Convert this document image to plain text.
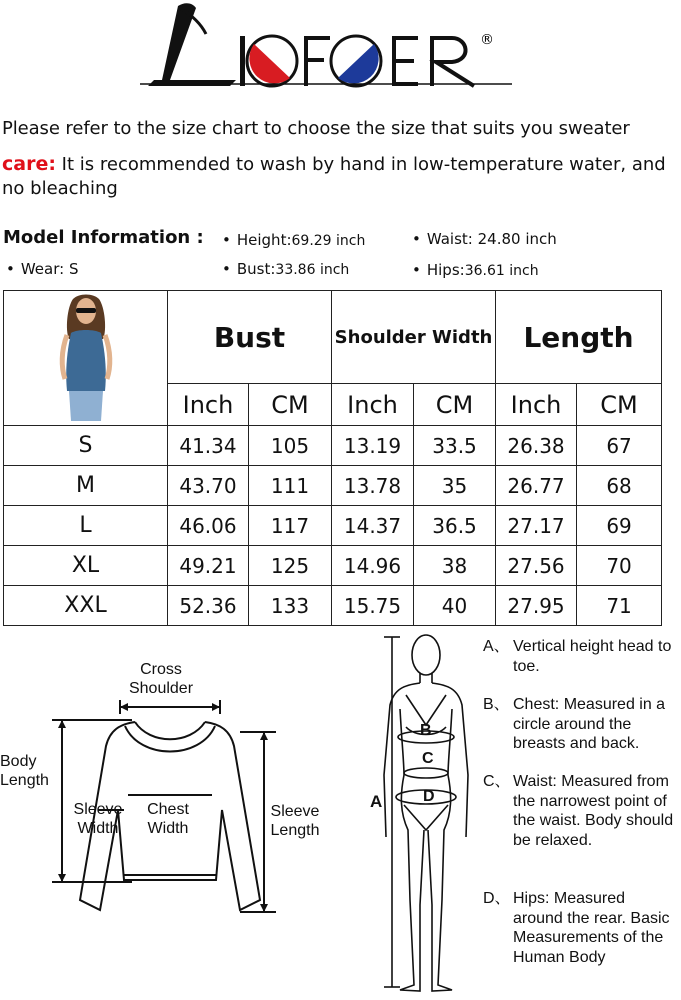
®
Please refer to the size chart to choose the size that suits you sweater
care: It is recommended to wash by hand in low-temperature water, and no bleaching
Model Information : • Height:69.29 inch	• Waist: 24.80 inch
• Wear: S	• Bust:33.86 inch	• Hips:36.61 inch
	Bust		Shoulder Width		Length	
	Inch	CM	Inch	CM	Inch	CM
S	41.34	105	13.19	33.5	26.38	67
M	43.70	111	13.78	35	26.77	68
L	46.06	117	14.37	36.5	27.17	69
XL	49.21	125	14.96	38	27.56	70
XXL	52.36	133	15.75	40	27.95	71
Cross Shoulder
Body Length
Sleeve Width
Chest Width
Sleeve Length
A
B
C
D
A、 Vertical height head to toe.
B、 Chest: Measured in a circle around the breasts and back.
C、 Waist: Measured from the narrowest point of the waist. Body should be relaxed.
D、 Hips: Measured around the rear. Basic Measurements of the Human Body
